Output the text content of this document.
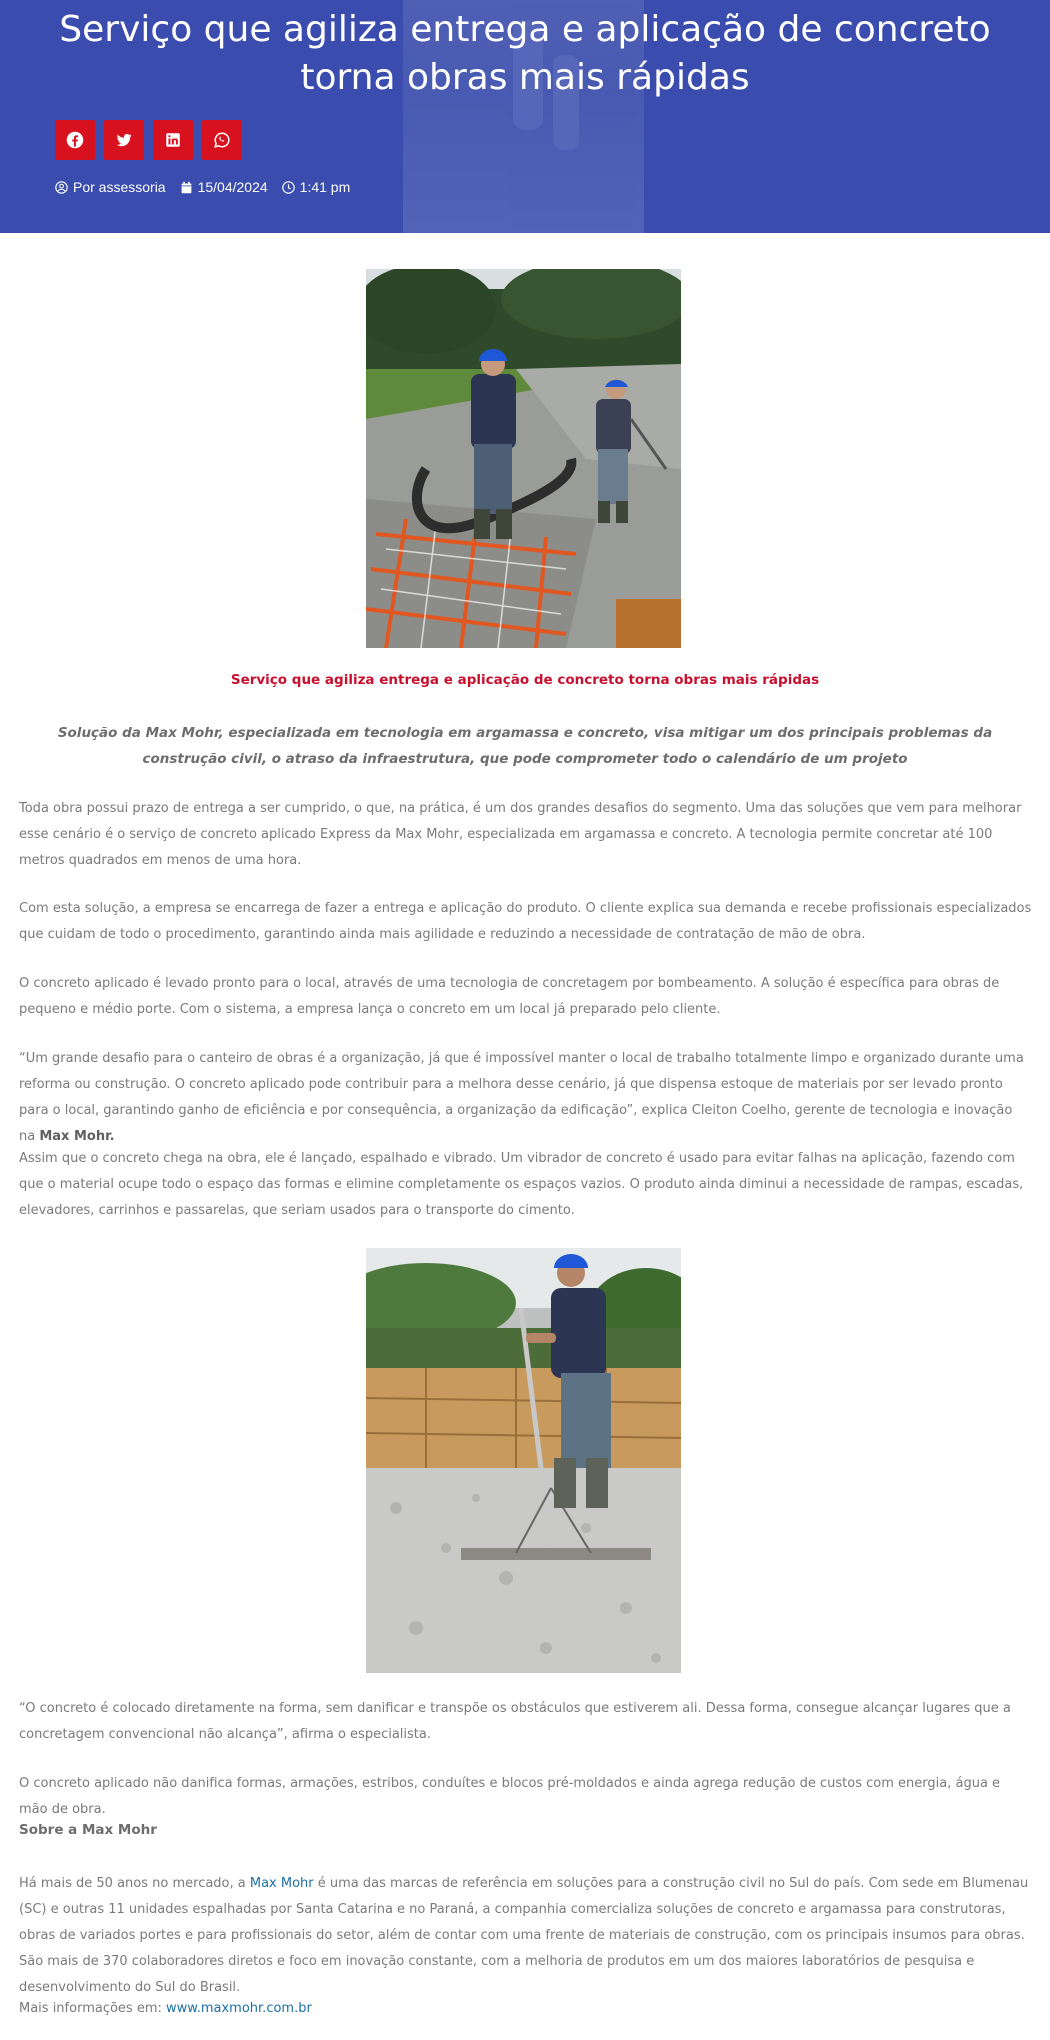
Serviço que agiliza entrega e aplicação de concreto torna obras mais rápidas
Por assessoria 15/04/2024 1:41 pm
Serviço que agiliza entrega e aplicação de concreto torna obras mais rápidas

Solução da Max Mohr, especializada em tecnologia em argamassa e concreto, visa mitigar um dos principais problemas da construção civil, o atraso da infraestrutura, que pode comprometer todo o calendário de um projeto

Toda obra possui prazo de entrega a ser cumprido, o que, na prática, é um dos grandes desafios do segmento. Uma das soluções que vem para melhorar esse cenário é o serviço de concreto aplicado Express da Max Mohr, especializada em argamassa e concreto. A tecnologia permite concretar até 100 metros quadrados em menos de uma hora.

Com esta solução, a empresa se encarrega de fazer a entrega e aplicação do produto. O cliente explica sua demanda e recebe profissionais especializados que cuidam de todo o procedimento, garantindo ainda mais agilidade e reduzindo a necessidade de contratação de mão de obra.

O concreto aplicado é levado pronto para o local, através de uma tecnologia de concretagem por bombeamento. A solução é específica para obras de pequeno e médio porte. Com o sistema, a empresa lança o concreto em um local já preparado pelo cliente.

“Um grande desafio para o canteiro de obras é a organização, já que é impossível manter o local de trabalho totalmente limpo e organizado durante uma reforma ou construção. O concreto aplicado pode contribuir para a melhora desse cenário, já que dispensa estoque de materiais por ser levado pronto para o local, garantindo ganho de eficiência e por consequência, a organização da edificação”, explica Cleiton Coelho, gerente de tecnologia e inovação na Max Mohr.

Assim que o concreto chega na obra, ele é lançado, espalhado e vibrado. Um vibrador de concreto é usado para evitar falhas na aplicação, fazendo com que o material ocupe todo o espaço das formas e elimine completamente os espaços vazios. O produto ainda diminui a necessidade de rampas, escadas, elevadores, carrinhos e passarelas, que seriam usados para o transporte do cimento.

“O concreto é colocado diretamente na forma, sem danificar e transpõe os obstáculos que estiverem ali. Dessa forma, consegue alcançar lugares que a concretagem convencional não alcança”, afirma o especialista.

O concreto aplicado não danifica formas, armações, estribos, conduítes e blocos pré-moldados e ainda agrega redução de custos com energia, água e mão de obra.

Sobre a Max Mohr

Há mais de 50 anos no mercado, a Max Mohr é uma das marcas de referência em soluções para a construção civil no Sul do país. Com sede em Blumenau (SC) e outras 11 unidades espalhadas por Santa Catarina e no Paraná, a companhia comercializa soluções de concreto e argamassa para construtoras, obras de variados portes e para profissionais do setor, além de contar com uma frente de materiais de construção, com os principais insumos para obras. São mais de 370 colaboradores diretos e foco em inovação constante, com a melhoria de produtos em um dos maiores laboratórios de pesquisa e desenvolvimento do Sul do Brasil.

Mais informações em: www.maxmohr.com.br
